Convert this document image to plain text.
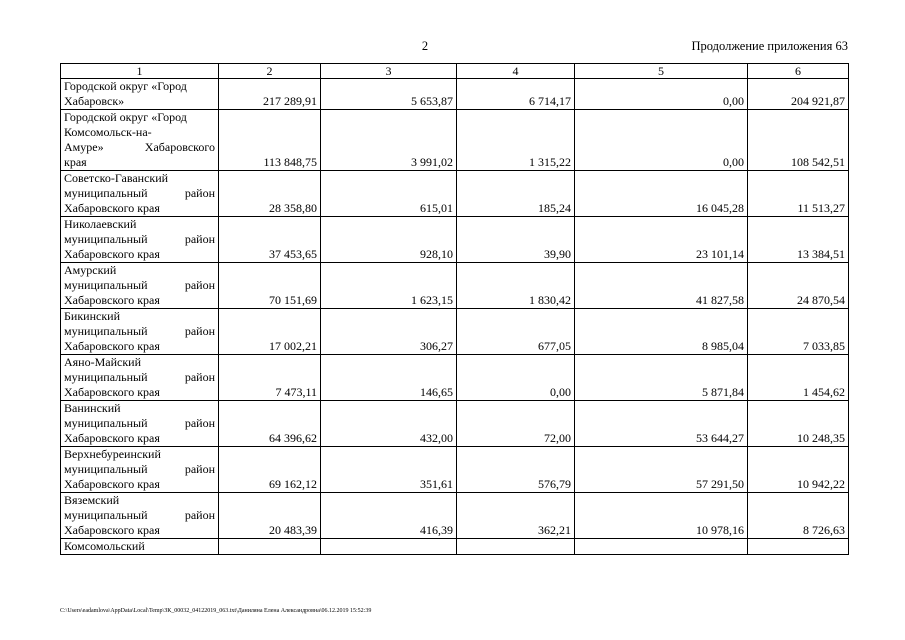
2	Продолжение приложения 63
1	2	3	4	5	6

Городской округ «Город
Хабаровск»	217 289,91	5 653,87	6 714,17	0,00	204 921,87

Городской округ «Город
Комсомольск-на-
Амуре» Хабаровского
края	113 848,75	3 991,02	1 315,22	0,00	108 542,51

Советско-Гаванский
муниципальный район
Хабаровского края	28 358,80	615,01	185,24	16 045,28	11 513,27

Николаевский
муниципальный район
Хабаровского края	37 453,65	928,10	39,90	23 101,14	13 384,51

Амурский
муниципальный район
Хабаровского края	70 151,69	1 623,15	1 830,42	41 827,58	24 870,54

Бикинский
муниципальный район
Хабаровского края	17 002,21	306,27	677,05	8 985,04	7 033,85

Аяно-Майский
муниципальный район
Хабаровского края	7 473,11	146,65	0,00	5 871,84	1 454,62

Ванинский
муниципальный район
Хабаровского края	64 396,62	432,00	72,00	53 644,27	10 248,35

Верхнебуреинский
муниципальный район
Хабаровского края	69 162,12	351,61	576,79	57 291,50	10 942,22

Вяземский
муниципальный район
Хабаровского края	20 483,39	416,39	362,21	10 978,16	8 726,63

Комсомольский					

C:\Users\eadamlova\AppData\Local\Temp\ЗК_00032_04122019_063.txt\Даниляна Елена Александровна\06.12.2019 15:52:39
